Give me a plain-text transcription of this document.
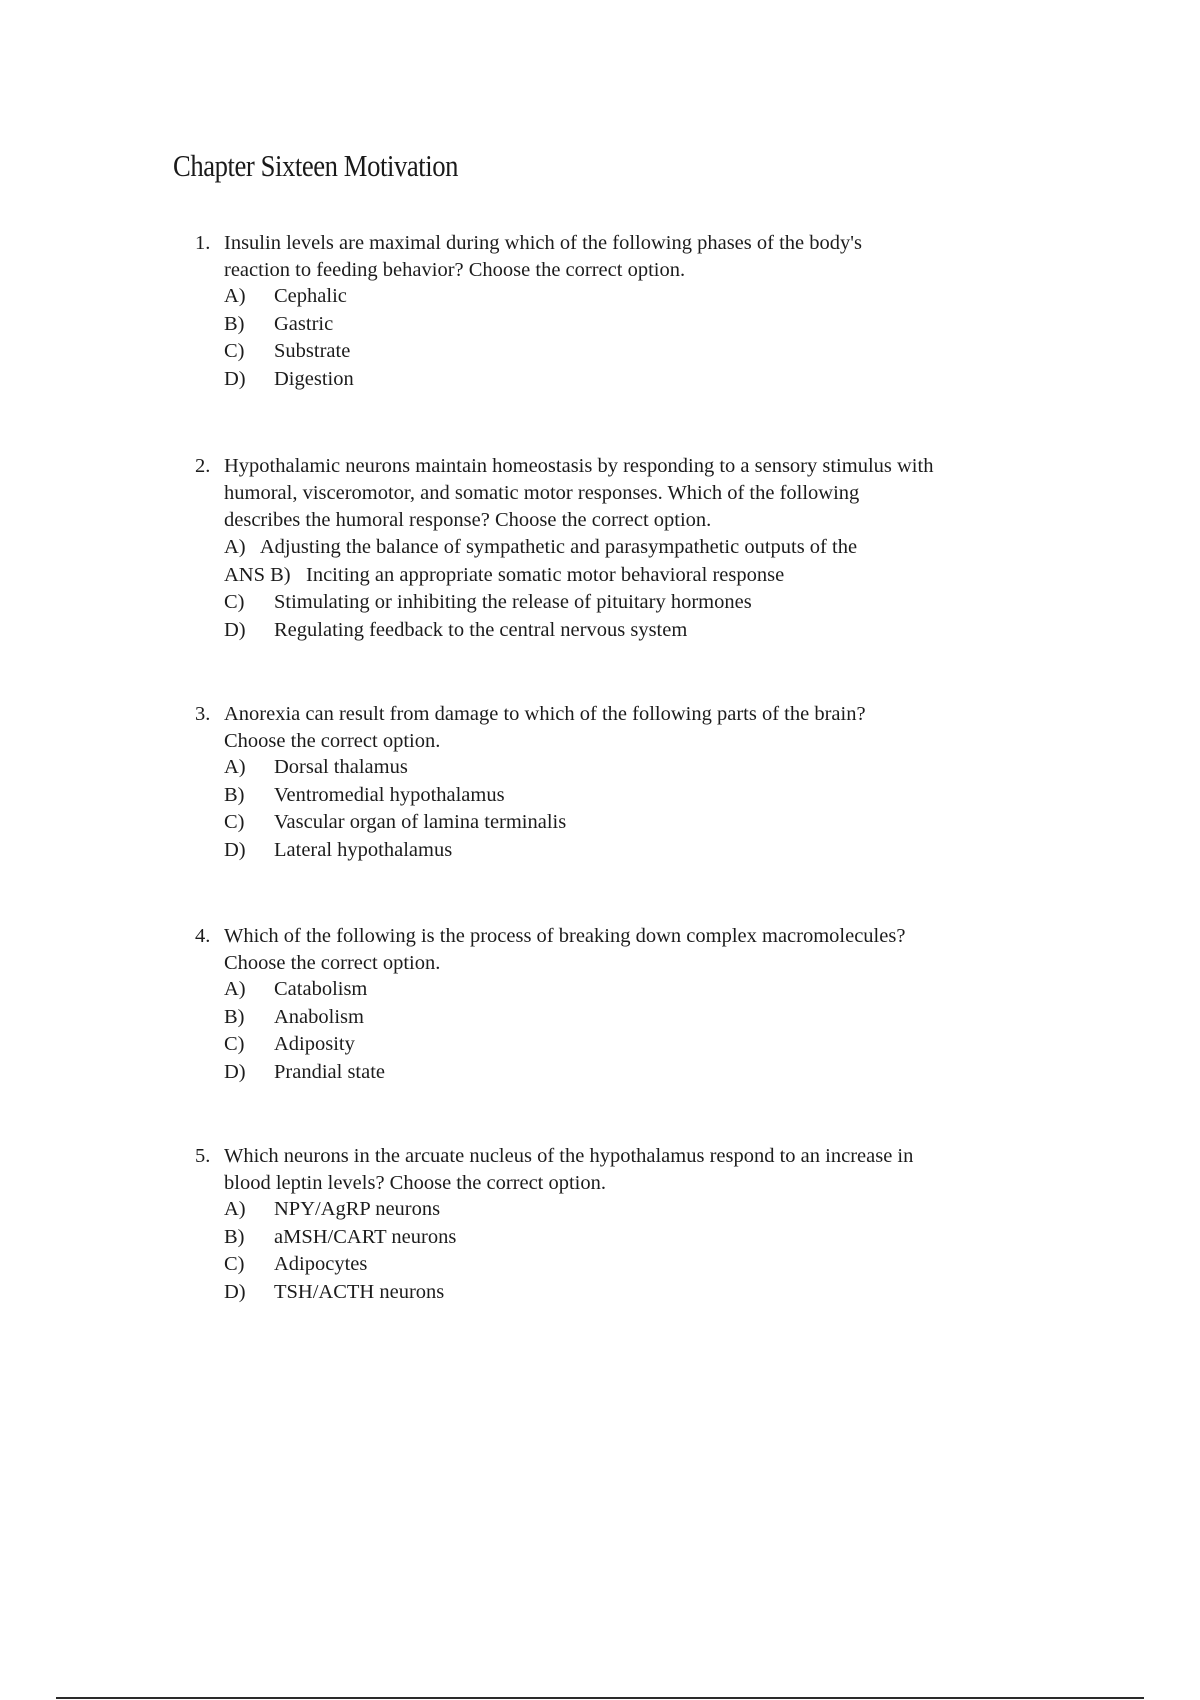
Chapter Sixteen Motivation
1. Insulin levels are maximal during which of the following phases of the body's
reaction to feeding behavior? Choose the correct option.
A)	Cephalic
B)	Gastric
C)	Substrate
D)	Digestion
2. Hypothalamic neurons maintain homeostasis by responding to a sensory stimulus with
humoral, visceromotor, and somatic motor responses. Which of the following
describes the humoral response? Choose the correct option.
A)   Adjusting the balance of sympathetic and parasympathetic outputs of the
ANS B)   Inciting an appropriate somatic motor behavioral response
C)	Stimulating or inhibiting the release of pituitary hormones
D)	Regulating feedback to the central nervous system
3. Anorexia can result from damage to which of the following parts of the brain?
Choose the correct option.
A)	Dorsal thalamus
B)	Ventromedial hypothalamus
C)	Vascular organ of lamina terminalis
D)	Lateral hypothalamus
4. Which of the following is the process of breaking down complex macromolecules?
Choose the correct option.
A)	Catabolism
B)	Anabolism
C)	Adiposity
D)	Prandial state
5. Which neurons in the arcuate nucleus of the hypothalamus respond to an increase in
blood leptin levels? Choose the correct option.
A)	NPY/AgRP neurons
B)	aMSH/CART neurons
C)	Adipocytes
D)	TSH/ACTH neurons
